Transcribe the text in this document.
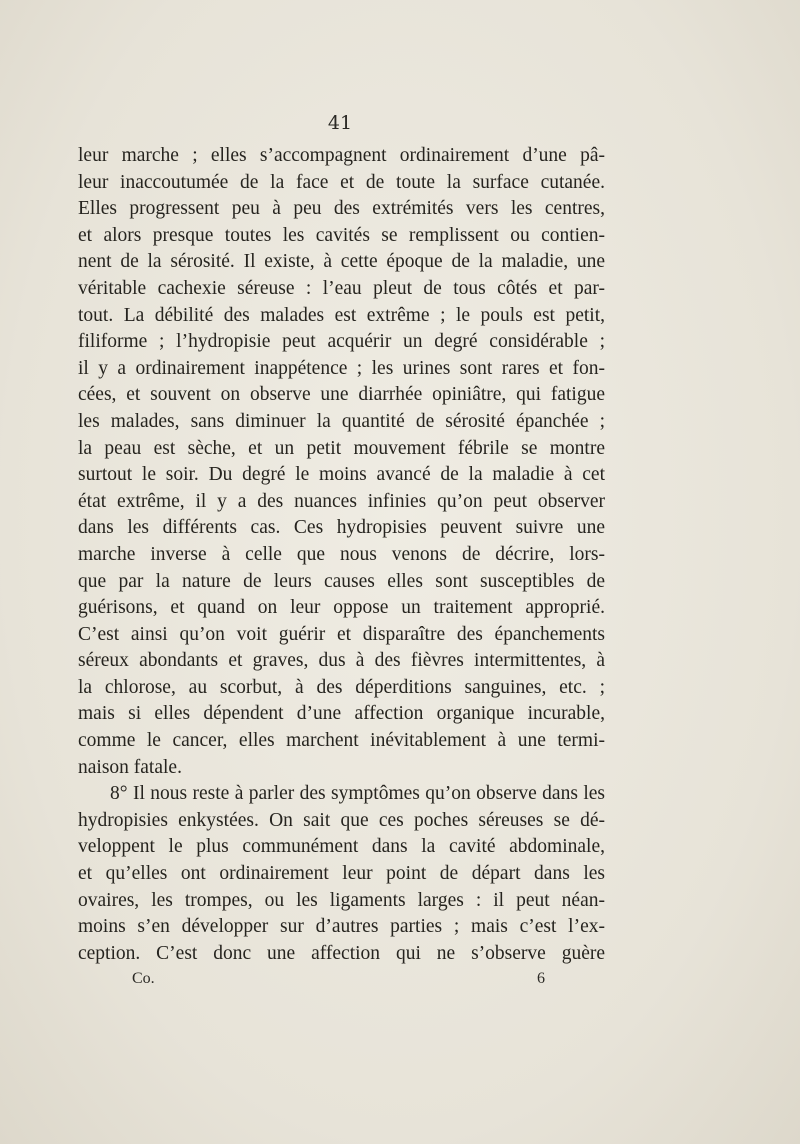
41
leur marche ; elles s’accompagnent ordinairement d’une pâ-
leur inaccoutumée de la face et de toute la surface cutanée.
Elles progressent peu à peu des extrémités vers les centres,
et alors presque toutes les cavités se remplissent ou contien-
nent de la sérosité. Il existe, à cette époque de la maladie, une
véritable cachexie séreuse : l’eau pleut de tous côtés et par-
tout. La débilité des malades est extrême ; le pouls est petit,
filiforme ; l’hydropisie peut acquérir un degré considérable ;
il y a ordinairement inappétence ; les urines sont rares et fon-
cées, et souvent on observe une diarrhée opiniâtre, qui fatigue
les malades, sans diminuer la quantité de sérosité épanchée ;
la peau est sèche, et un petit mouvement fébrile se montre
surtout le soir. Du degré le moins avancé de la maladie à cet
état extrême, il y a des nuances infinies qu’on peut observer
dans les différents cas. Ces hydropisies peuvent suivre une
marche inverse à celle que nous venons de décrire, lors-
que par la nature de leurs causes elles sont susceptibles de
guérisons, et quand on leur oppose un traitement approprié.
C’est ainsi qu’on voit guérir et disparaître des épanchements
séreux abondants et graves, dus à des fièvres intermittentes, à
la chlorose, au scorbut, à des déperditions sanguines, etc. ;
mais si elles dépendent d’une affection organique incurable,
comme le cancer, elles marchent inévitablement à une termi-
naison fatale.
8° Il nous reste à parler des symptômes qu’on observe dans les
hydropisies enkystées. On sait que ces poches séreuses se dé-
veloppent le plus communément dans la cavité abdominale,
et qu’elles ont ordinairement leur point de départ dans les
ovaires, les trompes, ou les ligaments larges : il peut néan-
moins s’en développer sur d’autres parties ; mais c’est l’ex-
ception. C’est donc une affection qui ne s’observe guère
Co.	6
